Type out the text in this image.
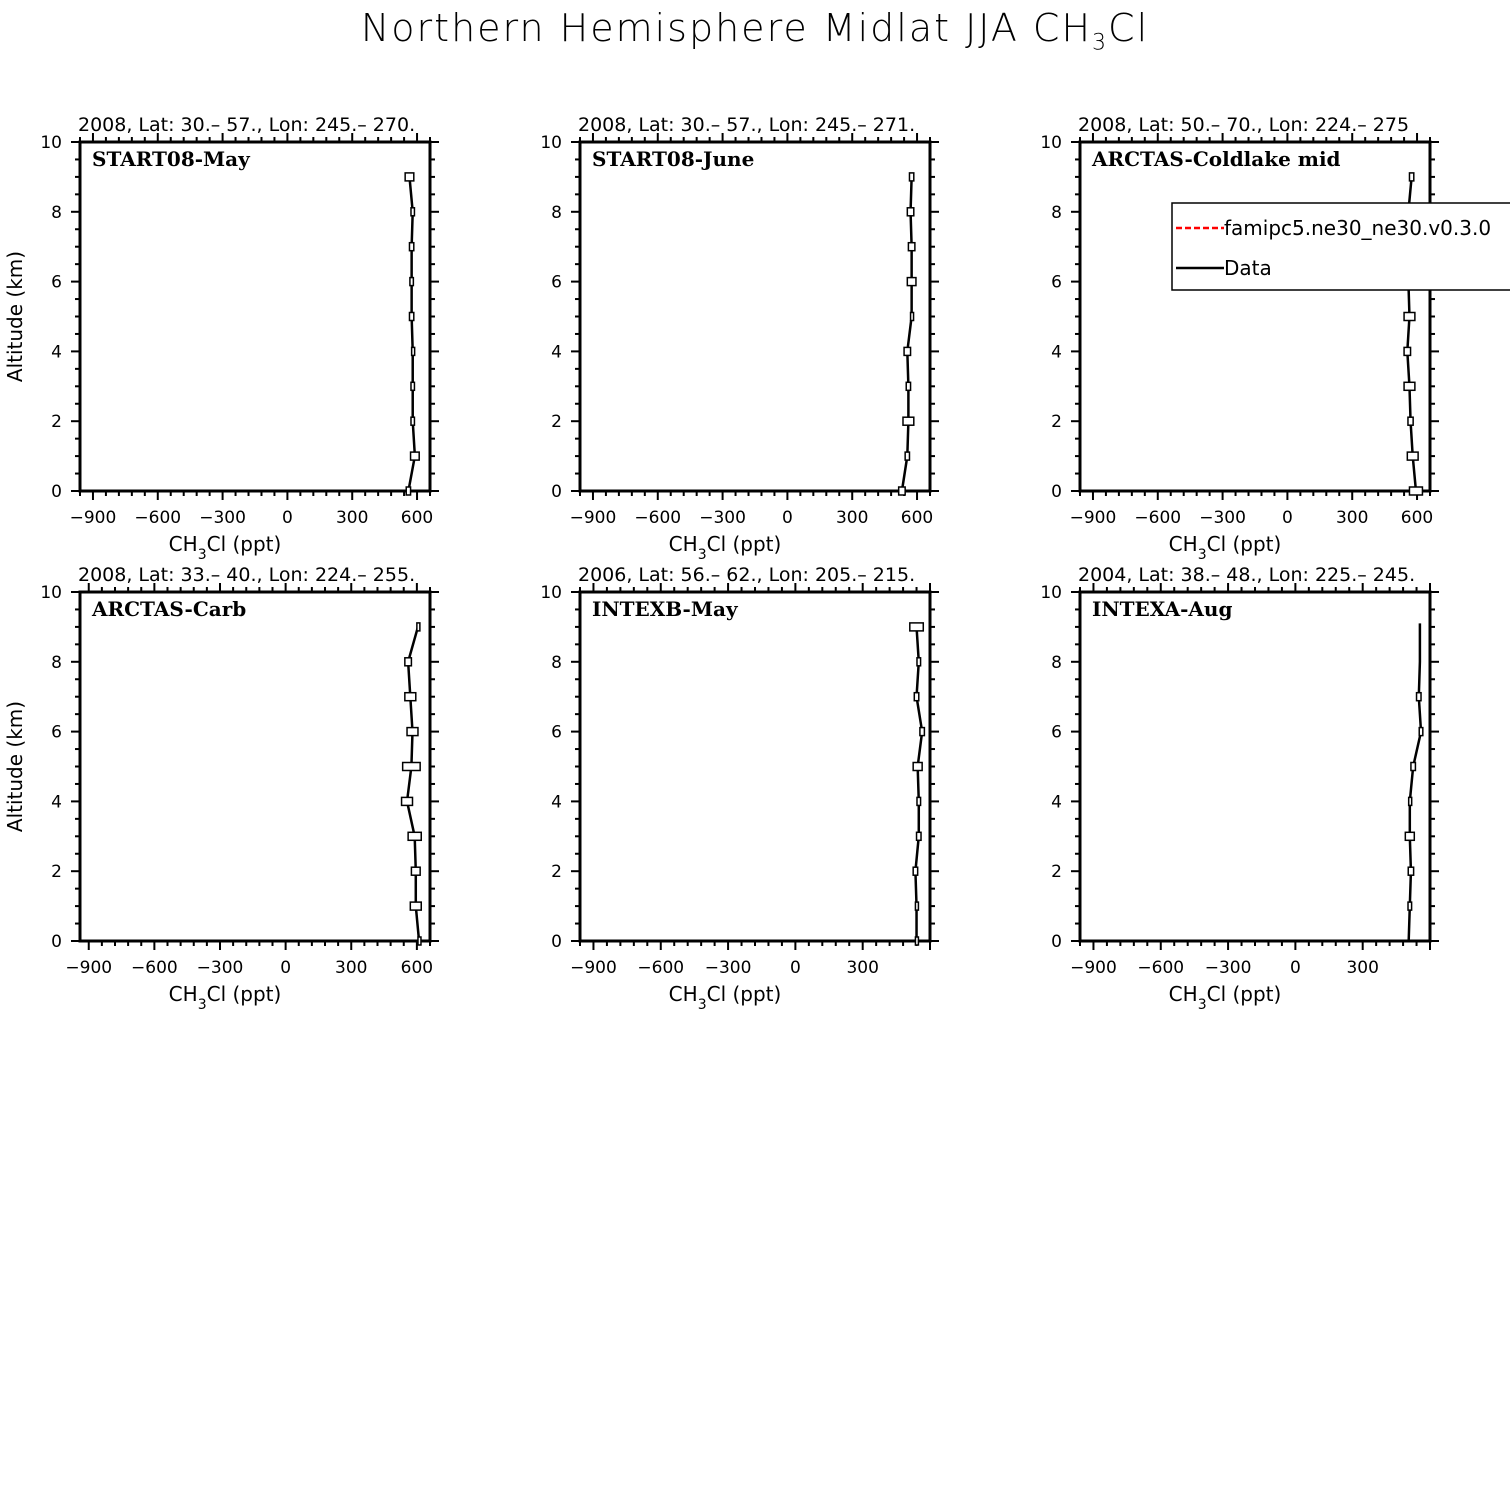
Northern Hemisphere Midlat JJA $CH_3Cl$
0
2
4
6
8
10
−900 −600 −300 0	300 600
$CH_3Cl$ (ppt)
Altitude (km)
2008, Lat: 30.– 57., Lon: 245.– 270.
START08-May
0
2
4
6
8
10
−900 −600 −300 0	300 600
$CH_3Cl$ (ppt)
2008, Lat: 30.– 57., Lon: 245.– 271.
START08-June
0
2
4
6
8
10
−900 −600 −300 0	300 600
$CH_3Cl$ (ppt)
2008, Lat: 50.– 70., Lon: 224.– 275
ARCTAS-Coldlake mid
famipc5.ne30_ne30.v0.3.0
Data
0
2
4
6
8
10
−900 −600 −300 0	300 600
$CH_3Cl$ (ppt)
Altitude (km)
2008, Lat: 33.– 40., Lon: 224.– 255.
ARCTAS-Carb
0
2
4
6
8
10
−900 −600 −300 0	300
$CH_3Cl$ (ppt)
2006, Lat: 56.– 62., Lon: 205.– 215.
INTEXB-May
0
2
4
6
8
10
−900 −600 −300 0	300
$CH_3Cl$ (ppt)
2004, Lat: 38.– 48., Lon: 225.– 245.
INTEXA-Aug
